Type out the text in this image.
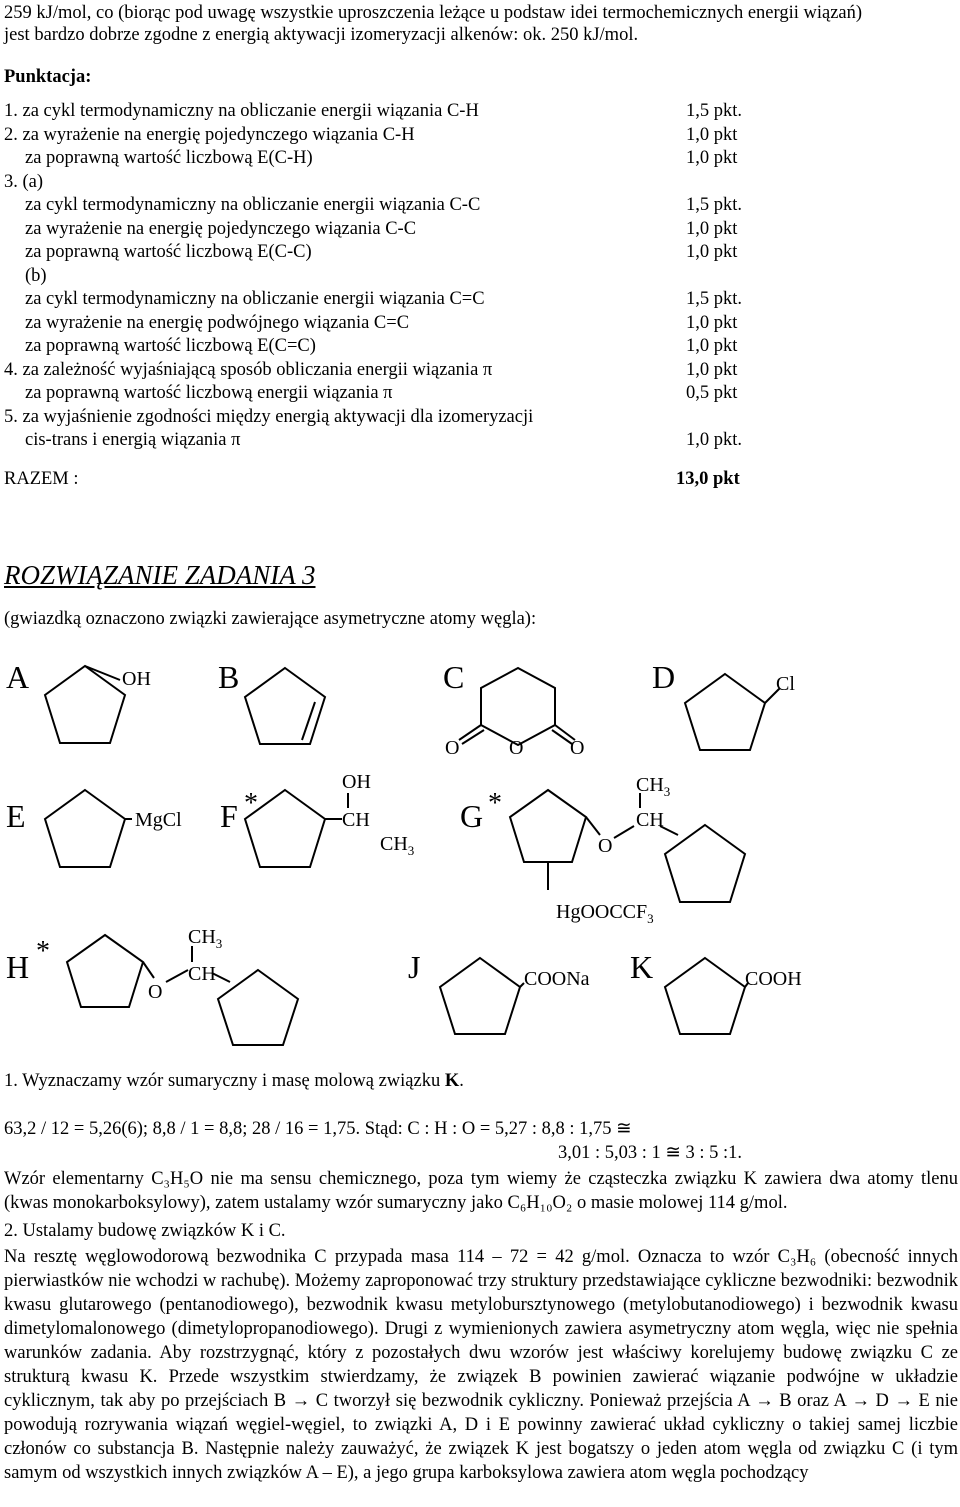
259 kJ/mol, co (biorąc pod uwagę wszystkie uproszczenia leżące u podstaw idei termochemicznych energii wiązań)
jest bardzo dobrze zgodne z energią aktywacji izomeryzacji alkenów: ok. 250 kJ/mol.
Punktacja:
1. za cykl termodynamiczny na obliczanie energii wiązania C-H	1,5 pkt.
2. za wyrażenie na energię pojedynczego wiązania C-H	1,0 pkt
za poprawną wartość liczbową E(C-H)	1,0 pkt
3. (a)
za cykl termodynamiczny na obliczanie energii wiązania C-C	1,5 pkt.
za wyrażenie na energię pojedynczego wiązania C-C	1,0 pkt
za poprawną wartość liczbową E(C-C)	1,0 pkt
(b)
za cykl termodynamiczny na obliczanie energii wiązania C=C	1,5 pkt.
za wyrażenie na energię podwójnego wiązania C=C	1,0 pkt
za poprawną wartość liczbową E(C=C)	1,0 pkt
4. za zależność wyjaśniającą sposób obliczania energii wiązania π	1,0 pkt
za poprawną wartość liczbową energii wiązania π	0,5 pkt
5. za wyjaśnienie zgodności między energią aktywacji dla izomeryzacji
cis-trans i energią wiązania π	1,0 pkt.
RAZEM :	13,0 pkt
ROZWIĄZANIE ZADANIA 3
(gwiazdką oznaczono związki zawierające asymetryczne atomy węgla):
A	OH B	C
O O O
D	Cl
E	MgCl F *
OH
CH
$CH_3$
G *
O
CH
$CH_3$
HgOOCCF$_3$
H *
O
CH
$CH_3$
J	COONa K	COOH
1. Wyznaczamy wzór sumaryczny i masę molową związku K.
63,2 / 12 = 5,26(6); 8,8 / 1 = 8,8; 28 / 16 = 1,75. Stąd: C : H : O = 5,27 : 8,8 : 1,75 ≅
3,01 : 5,03 : 1 ≅ 3 : 5 :1.
Wzór elementarny C₃H₅O nie ma sensu chemicznego, poza tym wiemy że cząsteczka związku K zawiera dwa atomy tlenu (kwas monokarboksylowy), zatem ustalamy wzór sumaryczny jako C₆H₁₀O₂ o masie molowej 114 g/mol.
2. Ustalamy budowę związków K i C.
Na resztę węglowodorową bezwodnika C przypada masa 114 – 72 = 42 g/mol. Oznacza to wzór C₃H₆ (obecność innych pierwiastków nie wchodzi w rachubę). Możemy zaproponować trzy struktury przedstawiające cykliczne bezwodniki: bezwodnik kwasu glutarowego (pentanodiowego), bezwodnik kwasu metylobursztynowego (metylobutanodiowego) i bezwodnik kwasu dimetylomalonowego (dimetylopropanodiowego). Drugi z wymienionych zawiera asymetryczny atom węgla, więc nie spełnia warunków zadania. Aby rozstrzygnąć, który z pozostałych dwu wzorów jest właściwy korelujemy budowę związku C ze strukturą kwasu K. Przede wszystkim stwierdzamy, że związek B powinien zawierać wiązanie podwójne w układzie cyklicznym, tak aby po przejściach B → C tworzył się bezwodnik cykliczny. Ponieważ przejścia A → B oraz A → D → E nie powodują rozrywania wiązań węgiel-węgiel, to związki A, D i E powinny zawierać układ cykliczny o takiej samej liczbie członów co substancja B. Następnie należy zauważyć, że związek K jest bogatszy o jeden atom węgla od związku C (i tym samym od wszystkich innych związków A – E), a jego grupa karboksylowa zawiera atom węgla pochodzący
